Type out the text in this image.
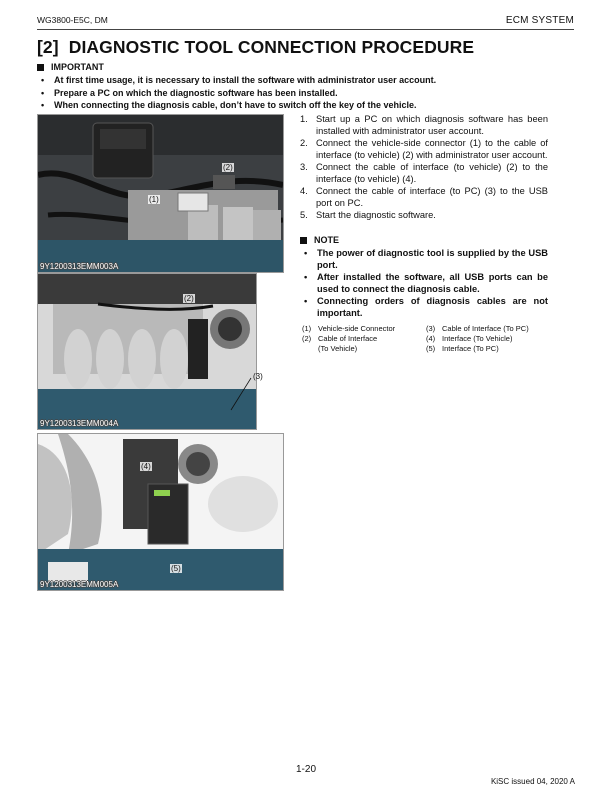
WG3800-E5C, DM	ECM SYSTEM
[2] DIAGNOSTIC TOOL CONNECTION PROCEDURE
IMPORTANT
• At first time usage, it is necessary to install the software with administrator user account.
• Prepare a PC on which the diagnostic software has been installed.
• When connecting the diagnosis cable, don’t have to switch off the key of the vehicle.
(2)
(1)
9Y1200313EMM003A
(2)
9Y1200313EMM004A
(3)
(4)
(5)
9Y1200313EMM005A
1. Start up a PC on which diagnosis software has been installed with administrator user account.
2. Connect the vehicle-side connector (1) to the cable of interface (to vehicle) (2) with administrator user account.
3. Connect the cable of interface (to vehicle) (2) to the interface (to vehicle) (4).
4. Connect the cable of interface (to PC) (3) to the USB port on PC.
5. Start the diagnostic software.
NOTE
• The power of diagnostic tool is supplied by the USB port.
• After installed the software, all USB ports can be used to connect the diagnosis cable.
• Connecting orders of diagnosis cables are not important.
(1) Vehicle-side Connector
(2) Cable of Interface
(To Vehicle)
(3) Cable of Interface (To PC)
(4) Interface (To Vehicle)
(5) Interface (To PC)
1-20
KiSC issued 04, 2020 A
